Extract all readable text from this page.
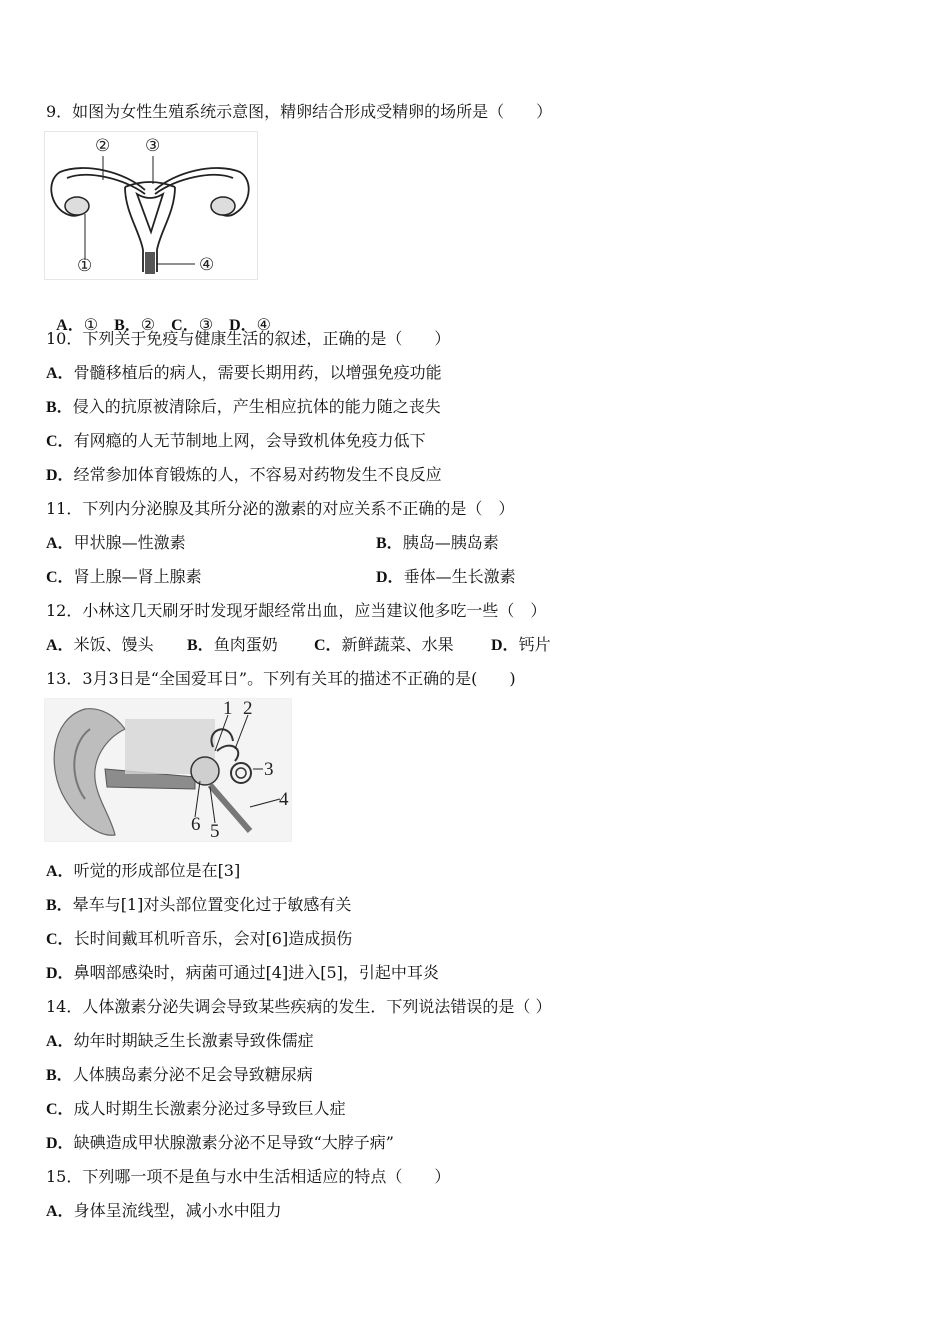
9．如图为女性生殖系统示意图，精卵结合形成受精卵的场所是（　　）
①
② ③
④

A．①　 B．②　 C．③　 D．④

10．下列关于免疫与健康生活的叙述，正确的是（　　）
A．骨髓移植后的病人，需要长期用药，以增强免疫功能
B．侵入的抗原被清除后，产生相应抗体的能力随之丧失
C．有网瘾的人无节制地上网，会导致机体免疫力低下
D．经常参加体育锻炼的人，不容易对药物发生不良反应
11．下列内分泌腺及其所分泌的激素的对应关系不正确的是（　）
A．甲状腺—性激素	B．胰岛—胰岛素
C．肾上腺—肾上腺素	D．垂体—生长激素
12．小林这几天刷牙时发现牙龈经常出血，应当建议他多吃一些（　）
A．米饭、馒头 B．鱼肉蛋奶 C．新鲜蔬菜、水果 D．钙片
13．3月3日是“全国爱耳日”。下列有关耳的描述不正确的是(　　)
1 2
3
4
5
6
A．听觉的形成部位是在[3]
B．晕车与[1]对头部位置变化过于敏感有关
C．长时间戴耳机听音乐，会对[6]造成损伤
D．鼻咽部感染时，病菌可通过[4]进入[5]，引起中耳炎
14．人体激素分泌失调会导致某些疾病的发生．下列说法错误的是（ ）
A．幼年时期缺乏生长激素导致侏儒症
B．人体胰岛素分泌不足会导致糖尿病
C．成人时期生长激素分泌过多导致巨人症
D．缺碘造成甲状腺激素分泌不足导致“大脖子病”
15．下列哪一项不是鱼与水中生活相适应的特点（　　）
A．身体呈流线型，减小水中阻力
